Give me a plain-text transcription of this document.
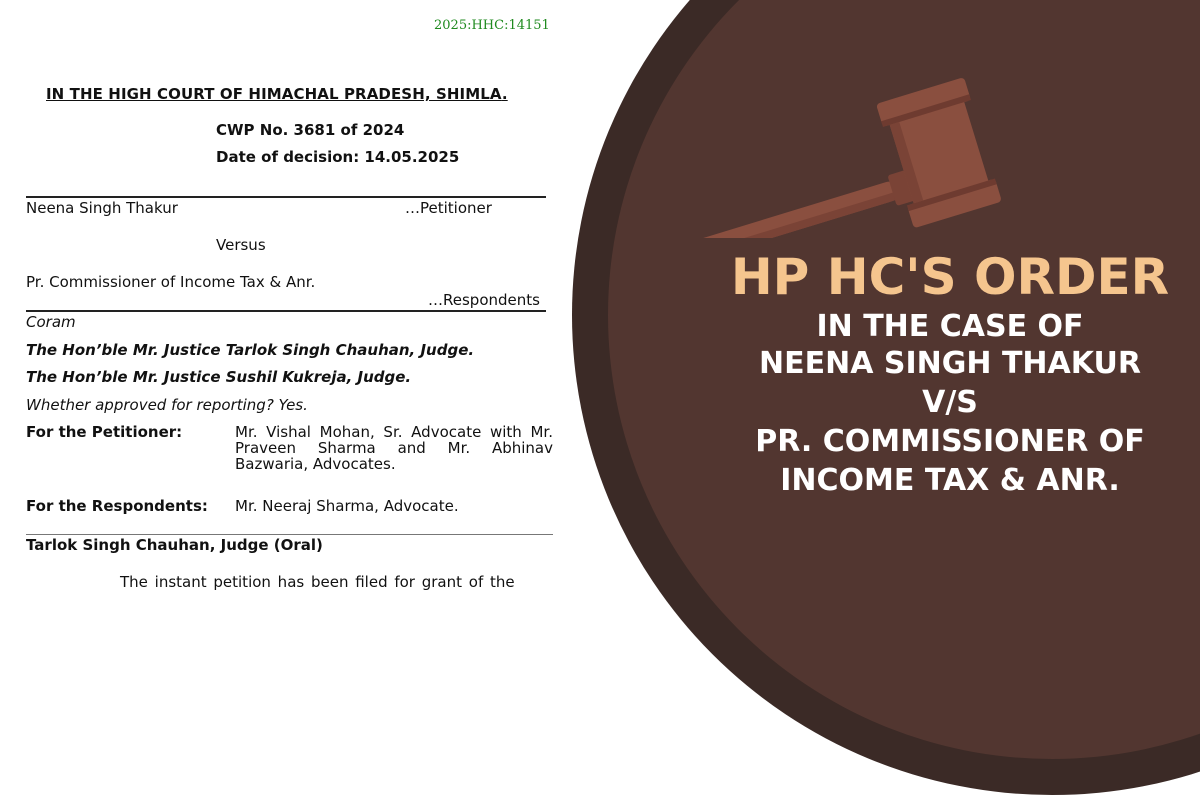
2025:HHC:14151
IN THE HIGH COURT OF HIMACHAL PRADESH, SHIMLA.
CWP No. 3681 of 2024
Date of decision: 14.05.2025
Neena Singh Thakur	…Petitioner
Versus
Pr. Commissioner of Income Tax & Anr.
…Respondents
Coram
The Hon’ble Mr. Justice Tarlok Singh Chauhan, Judge.
The Hon’ble Mr. Justice Sushil Kukreja, Judge.
Whether approved for reporting? Yes.
For the Petitioner:	Mr. Vishal Mohan, Sr. Advocate with Mr. Praveen Sharma and Mr. Abhinav Bazwaria, Advocates.
For the Respondents: Mr. Neeraj Sharma, Advocate.
Tarlok Singh Chauhan, Judge (Oral)
The instant petition has been filed for grant of the
HP HC'S ORDER
IN THE CASE OF
NEENA SINGH THAKUR
V/S
PR. COMMISSIONER OF
INCOME TAX & ANR.
